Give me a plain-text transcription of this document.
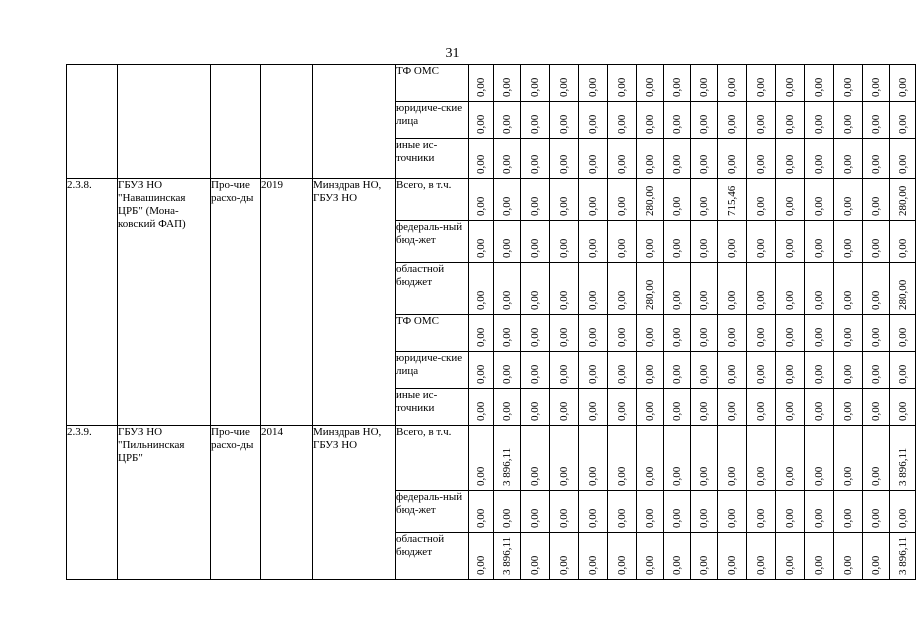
31

					ТФ ОМС	0,00	0,00	0,00	0,00	0,00	0,00	0,00	0,00	0,00	0,00	0,00	0,00	0,00	0,00	0,00	0,00

					юридиче-ские лица	0,00	0,00	0,00	0,00	0,00	0,00	0,00	0,00	0,00	0,00	0,00	0,00	0,00	0,00	0,00	0,00

					иные ис-точники	0,00	0,00	0,00	0,00	0,00	0,00	0,00	0,00	0,00	0,00	0,00	0,00	0,00	0,00	0,00	0,00

2.3.8.	ГБУЗ НО "Навашинская ЦРБ" (Мона-ковский ФАП)	Про-чие расхо-ды	2019	Минздрав НО, ГБУЗ НО	Всего, в т.ч.	0,00	0,00	0,00	0,00	0,00	0,00	280,00	0,00	0,00	715,46	0,00	0,00	0,00	0,00	0,00	280,00

					федераль-ный бюд-жет	0,00	0,00	0,00	0,00	0,00	0,00	0,00	0,00	0,00	0,00	0,00	0,00	0,00	0,00	0,00	0,00

					областной бюджет	0,00	0,00	0,00	0,00	0,00	0,00	280,00	0,00	0,00	0,00	0,00	0,00	0,00	0,00	0,00	280,00

					ТФ ОМС	0,00	0,00	0,00	0,00	0,00	0,00	0,00	0,00	0,00	0,00	0,00	0,00	0,00	0,00	0,00	0,00

					юридиче-ские лица	0,00	0,00	0,00	0,00	0,00	0,00	0,00	0,00	0,00	0,00	0,00	0,00	0,00	0,00	0,00	0,00

					иные ис-точники	0,00	0,00	0,00	0,00	0,00	0,00	0,00	0,00	0,00	0,00	0,00	0,00	0,00	0,00	0,00	0,00

2.3.9.	ГБУЗ НО "Пильнинская ЦРБ"	Про-чие расхо-ды	2014	Минздрав НО, ГБУЗ НО	Всего, в т.ч.	0,00	3 896,11	0,00	0,00	0,00	0,00	0,00	0,00	0,00	0,00	0,00	0,00	0,00	0,00	0,00	3 896,11

					федераль-ный бюд-жет	0,00	0,00	0,00	0,00	0,00	0,00	0,00	0,00	0,00	0,00	0,00	0,00	0,00	0,00	0,00	0,00

					областной бюджет	0,00	3 896,11	0,00	0,00	0,00	0,00	0,00	0,00	0,00	0,00	0,00	0,00	0,00	0,00	0,00	3 896,11
